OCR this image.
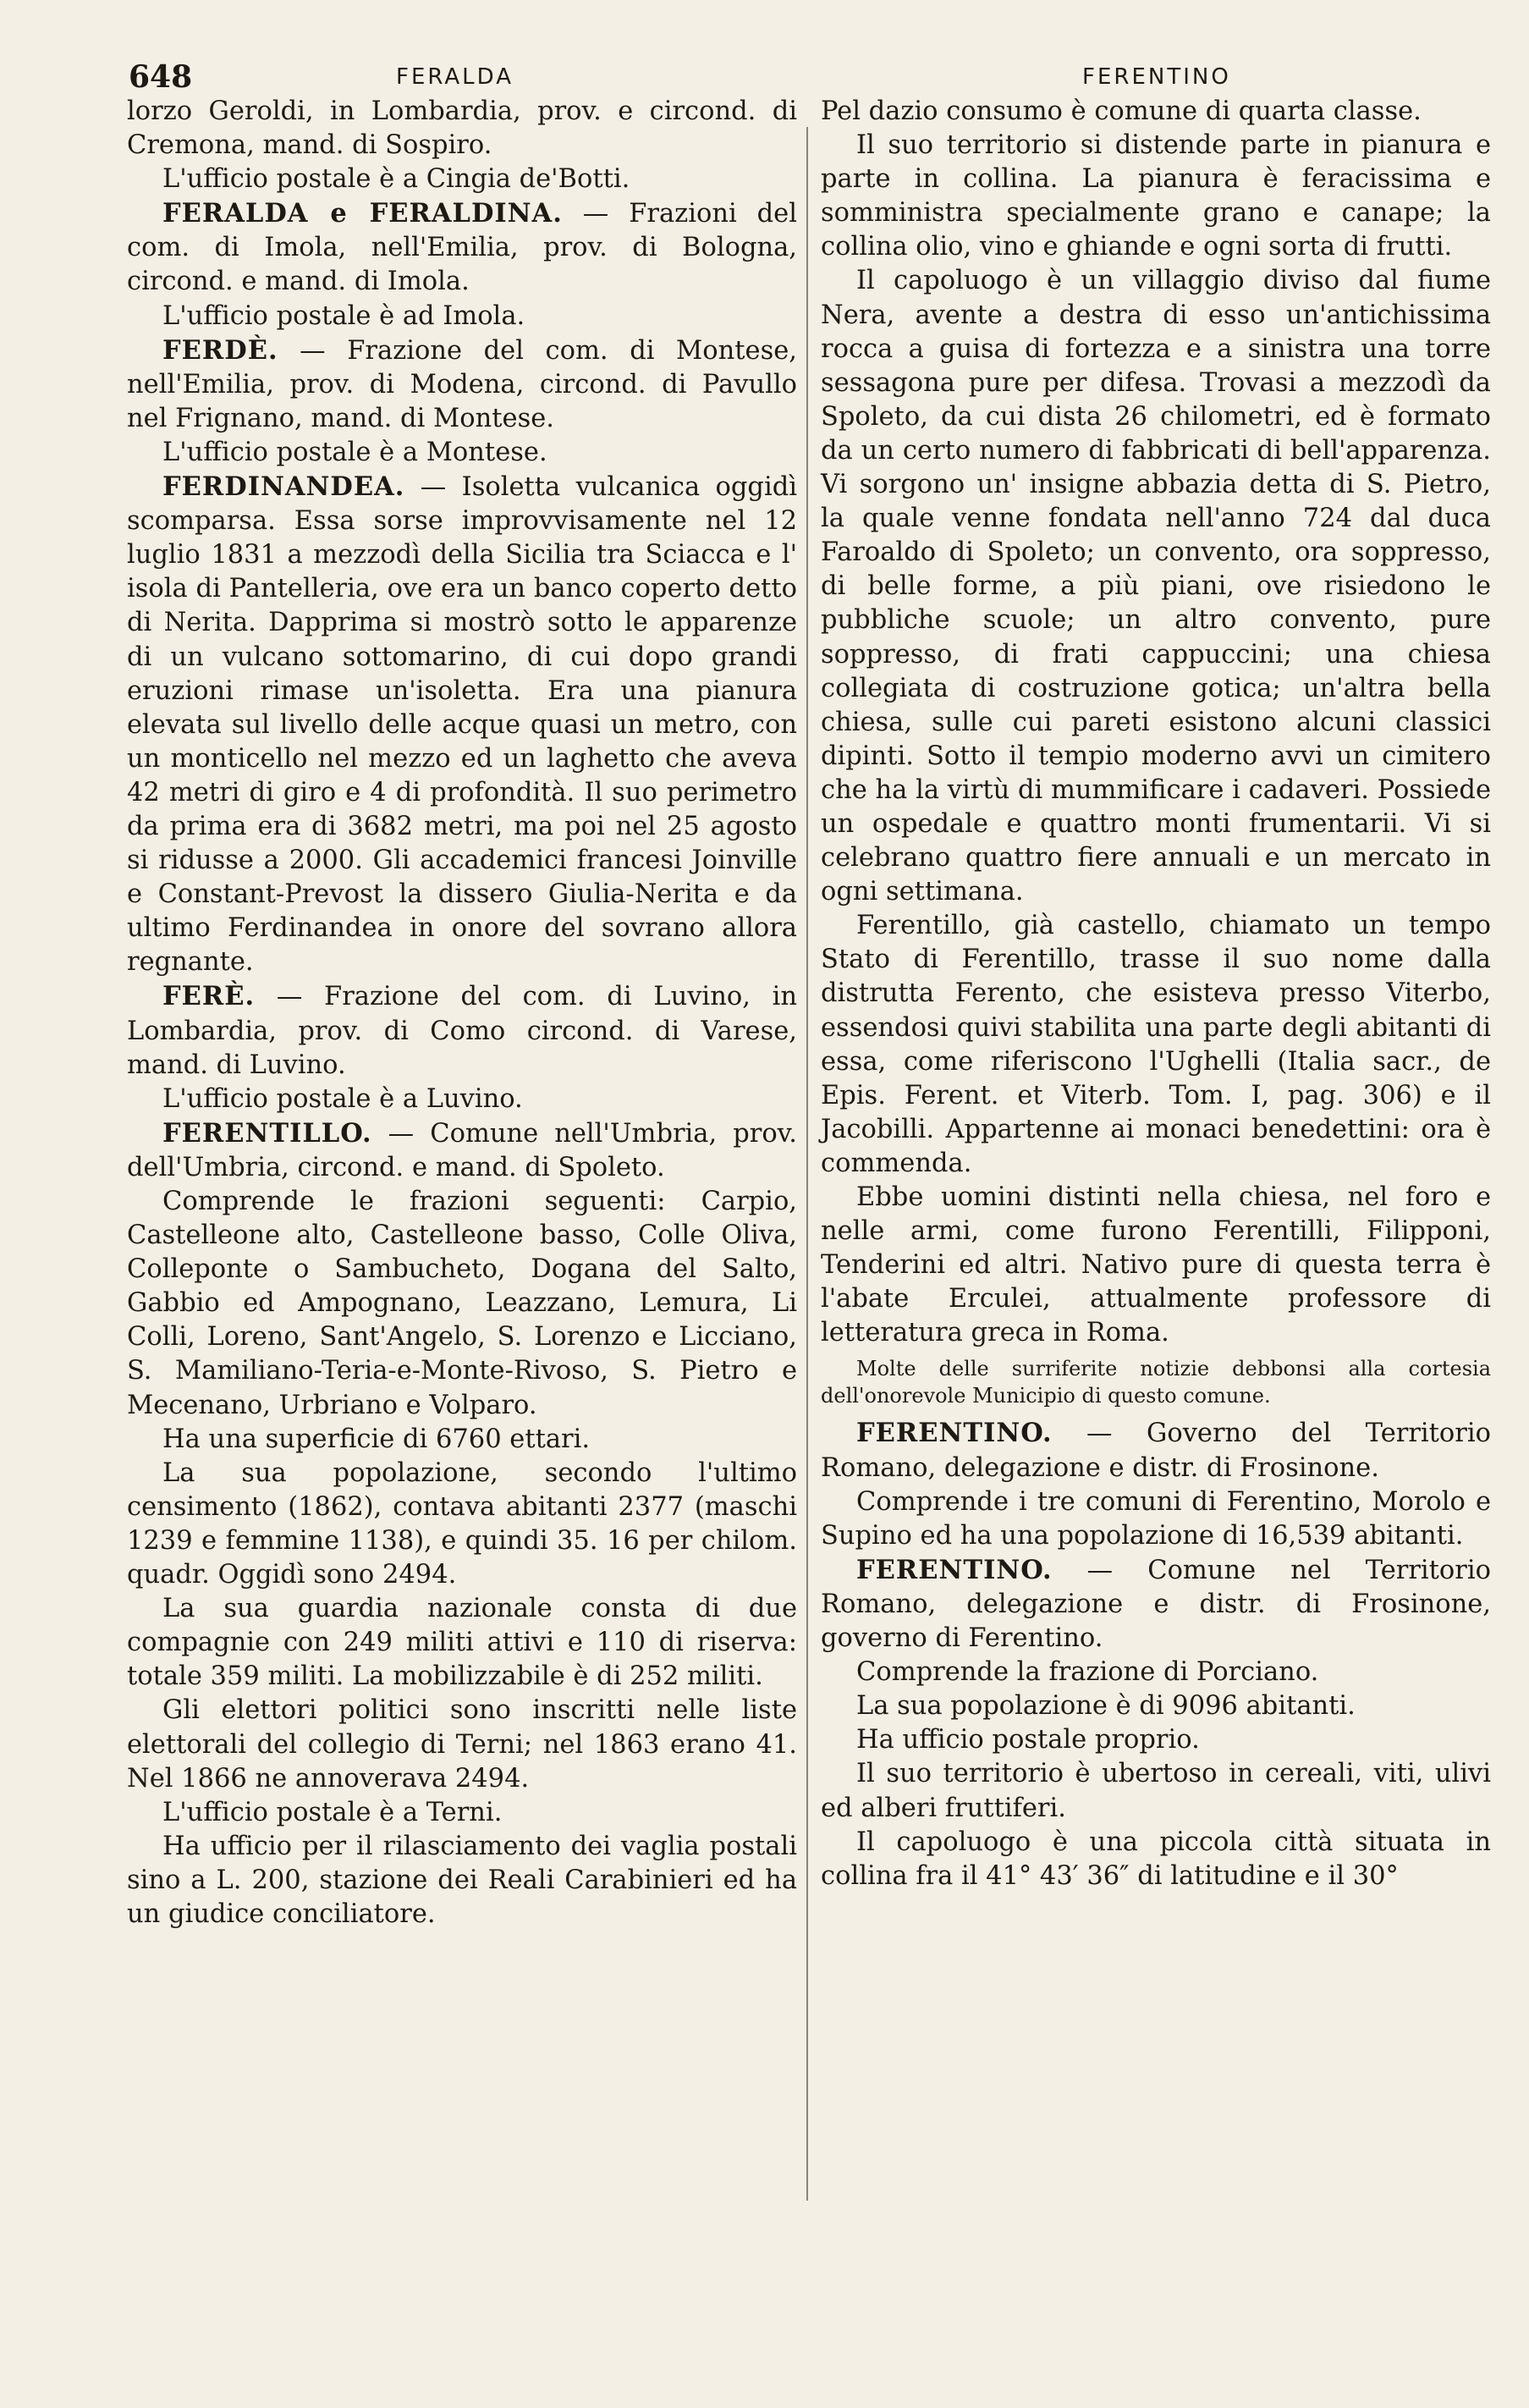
648	FERALDA	FERENTINO

lorzo Geroldi, in Lombardia, prov. e circond. di Cremona, mand. di Sospiro.

L'ufficio postale è a Cingia de'Botti.

FERALDA e FERALDINA. — Frazioni del com. di Imola, nell'Emilia, prov. di Bologna, circond. e mand. di Imola.

L'ufficio postale è ad Imola.

FERDÈ. — Frazione del com. di Montese, nell'Emilia, prov. di Modena, circond. di Pavullo nel Frignano, mand. di Montese.

L'ufficio postale è a Montese.

FERDINANDEA. — Isoletta vulcanica oggidì scomparsa. Essa sorse improvvisamente nel 12 luglio 1831 a mezzodì della Sicilia tra Sciacca e l' isola di Pantelleria, ove era un banco coperto detto di Nerita. Dapprima si mostrò sotto le apparenze di un vulcano sottomarino, di cui dopo grandi eruzioni rimase un'isoletta. Era una pianura elevata sul livello delle acque quasi un metro, con un monticello nel mezzo ed un laghetto che aveva 42 metri di giro e 4 di profondità. Il suo perimetro da prima era di 3682 metri, ma poi nel 25 agosto si ridusse a 2000. Gli accademici francesi Joinville e Constant-Prevost la dissero Giulia-Nerita e da ultimo Ferdinandea in onore del sovrano allora regnante.

FERÈ. — Frazione del com. di Luvino, in Lombardia, prov. di Como circond. di Varese, mand. di Luvino.

L'ufficio postale è a Luvino.

FERENTILLO. — Comune nell'Umbria, prov. dell'Umbria, circond. e mand. di Spoleto.

Comprende le frazioni seguenti: Carpio, Castelleone alto, Castelleone basso, Colle Oliva, Colleponte o Sambucheto, Dogana del Salto, Gabbio ed Ampognano, Leazzano, Lemura, Li Colli, Loreno, Sant'Angelo, S. Lorenzo e Licciano, S. Mamiliano-Teria-e-Monte-Rivoso, S. Pietro e Mecenano, Urbriano e Volparo.

Ha una superficie di 6760 ettari.

La sua popolazione, secondo l'ultimo censimento (1862), contava abitanti 2377 (maschi 1239 e femmine 1138), e quindi 35. 16 per chilom. quadr. Oggidì sono 2494.

La sua guardia nazionale consta di due compagnie con 249 militi attivi e 110 di riserva: totale 359 militi. La mobilizzabile è di 252 militi.

Gli elettori politici sono inscritti nelle liste elettorali del collegio di Terni; nel 1863 erano 41. Nel 1866 ne annoverava 2494.

L'ufficio postale è a Terni.

Ha ufficio per il rilasciamento dei vaglia postali sino a L. 200, stazione dei Reali Carabinieri ed ha un giudice conciliatore.

Pel dazio consumo è comune di quarta classe.

Il suo territorio si distende parte in pianura e parte in collina. La pianura è feracissima e somministra specialmente grano e canape; la collina olio, vino e ghiande e ogni sorta di frutti.

Il capoluogo è un villaggio diviso dal fiume Nera, avente a destra di esso un'antichissima rocca a guisa di fortezza e a sinistra una torre sessagona pure per difesa. Trovasi a mezzodì da Spoleto, da cui dista 26 chilometri, ed è formato da un certo numero di fabbricati di bell'apparenza. Vi sorgono un' insigne abbazia detta di S. Pietro, la quale venne fondata nell'anno 724 dal duca Faroaldo di Spoleto; un convento, ora soppresso, di belle forme, a più piani, ove risiedono le pubbliche scuole; un altro convento, pure soppresso, di frati cappuccini; una chiesa collegiata di costruzione gotica; un'altra bella chiesa, sulle cui pareti esistono alcuni classici dipinti. Sotto il tempio moderno avvi un cimitero che ha la virtù di mummificare i cadaveri. Possiede un ospedale e quattro monti frumentarii. Vi si celebrano quattro fiere annuali e un mercato in ogni settimana.

Ferentillo, già castello, chiamato un tempo Stato di Ferentillo, trasse il suo nome dalla distrutta Ferento, che esisteva presso Viterbo, essendosi quivi stabilita una parte degli abitanti di essa, come riferiscono l'Ughelli (Italia sacr., de Epis. Ferent. et Viterb. Tom. I, pag. 306) e il Jacobilli. Appartenne ai monaci benedettini: ora è commenda.

Ebbe uomini distinti nella chiesa, nel foro e nelle armi, come furono Ferentilli, Filipponi, Tenderini ed altri. Nativo pure di questa terra è l'abate Erculei, attualmente professore di letteratura greca in Roma.

Molte delle surriferite notizie debbonsi alla cortesia dell'onorevole Municipio di questo comune.

FERENTINO. — Governo del Territorio Romano, delegazione e distr. di Frosinone.

Comprende i tre comuni di Ferentino, Morolo e Supino ed ha una popolazione di 16,539 abitanti.

FERENTINO. — Comune nel Territorio Romano, delegazione e distr. di Frosinone, governo di Ferentino.

Comprende la frazione di Porciano.

La sua popolazione è di 9096 abitanti.

Ha ufficio postale proprio.

Il suo territorio è ubertoso in cereali, viti, ulivi ed alberi fruttiferi.

Il capoluogo è una piccola città situata in collina fra il 41° 43′ 36″ di latitudine e il 30°
